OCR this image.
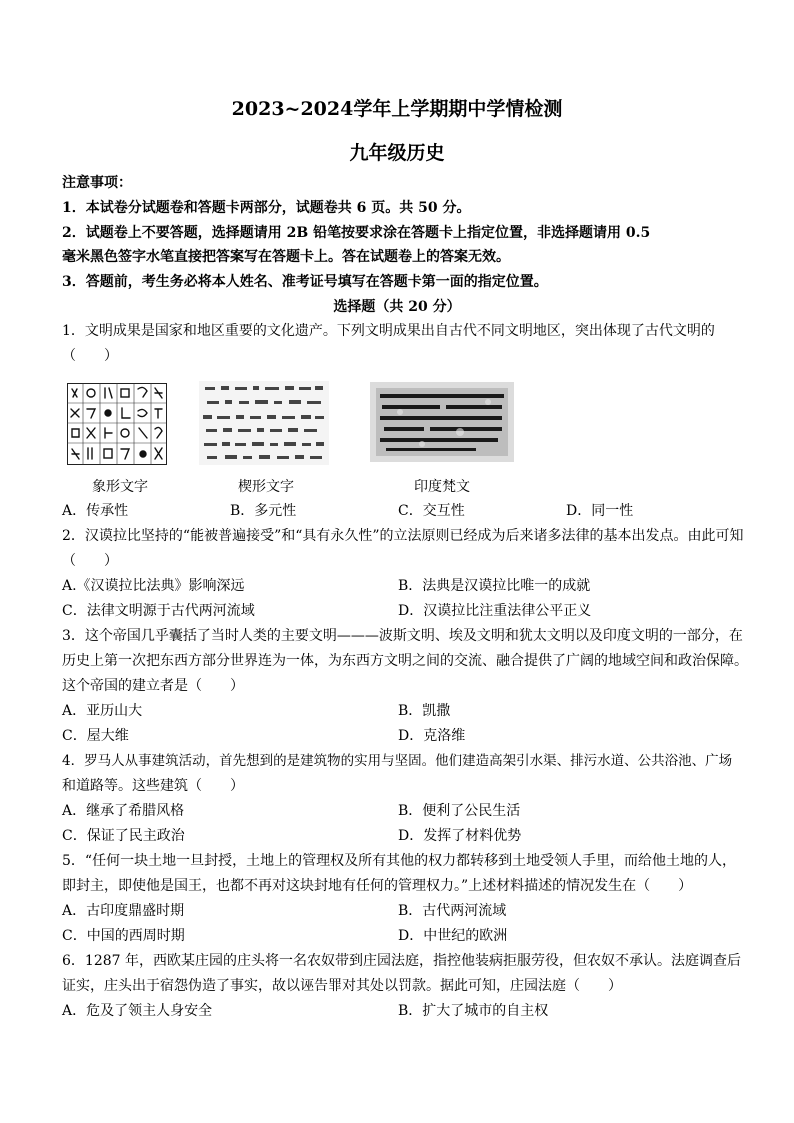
2023~2024学年上学期期中学情检测
九年级历史
注意事项：
1．本试卷分试题卷和答题卡两部分，试题卷共 6 页。共 50 分。
2．试题卷上不要答题，选择题请用 2B 铅笔按要求涂在答题卡上指定位置，非选择题请用 0.5
毫米黑色签字水笔直接把答案写在答题卡上。答在试题卷上的答案无效。
3．答题前，考生务必将本人姓名、准考证号填写在答题卡第一面的指定位置。
选择题（共 20 分）
1．文明成果是国家和地区重要的文化遗产。下列文明成果出自古代不同文明地区，突出体现了古代文明的
（　　）
象形文字	楔形文字	印度梵文
A．传承性	B．多元性	C．交互性	D．同一性
2．汉谟拉比坚持的“能被普遍接受”和“具有永久性”的立法原则已经成为后来诸多法律的基本出发点。由此可知
（　　）
A.《汉谟拉比法典》影响深远	B．法典是汉谟拉比唯一的成就
C．法律文明源于古代两河流域	D．汉谟拉比注重法律公平正义
3．这个帝国几乎囊括了当时人类的主要文明———波斯文明、埃及文明和犹太文明以及印度文明的一部分，在
历史上第一次把东西方部分世界连为一体，为东西方文明之间的交流、融合提供了广阔的地域空间和政治保障。
这个帝国的建立者是（　　）
A．亚历山大	B．凯撒
C．屋大维	D．克洛维
4．罗马人从事建筑活动，首先想到的是建筑物的实用与坚固。他们建造高架引水渠、排污水道、公共浴池、广场
和道路等。这些建筑（　　）
A．继承了希腊风格	B．便利了公民生活
C．保证了民主政治	D．发挥了材料优势
5．“任何一块土地一旦封授，土地上的管理权及所有其他的权力都转移到土地受领人手里，而给他土地的人，
即封主，即使他是国王，也都不再对这块封地有任何的管理权力。”上述材料描述的情况发生在（　　）
A．古印度鼎盛时期	B．古代两河流域
C．中国的西周时期	D．中世纪的欧洲
6．1287 年，西欧某庄园的庄头将一名农奴带到庄园法庭，指控他装病拒服劳役，但农奴不承认。法庭调查后
证实，庄头出于宿怨伪造了事实，故以诬告罪对其处以罚款。据此可知，庄园法庭（　　）
A．危及了领主人身安全	B．扩大了城市的自主权
